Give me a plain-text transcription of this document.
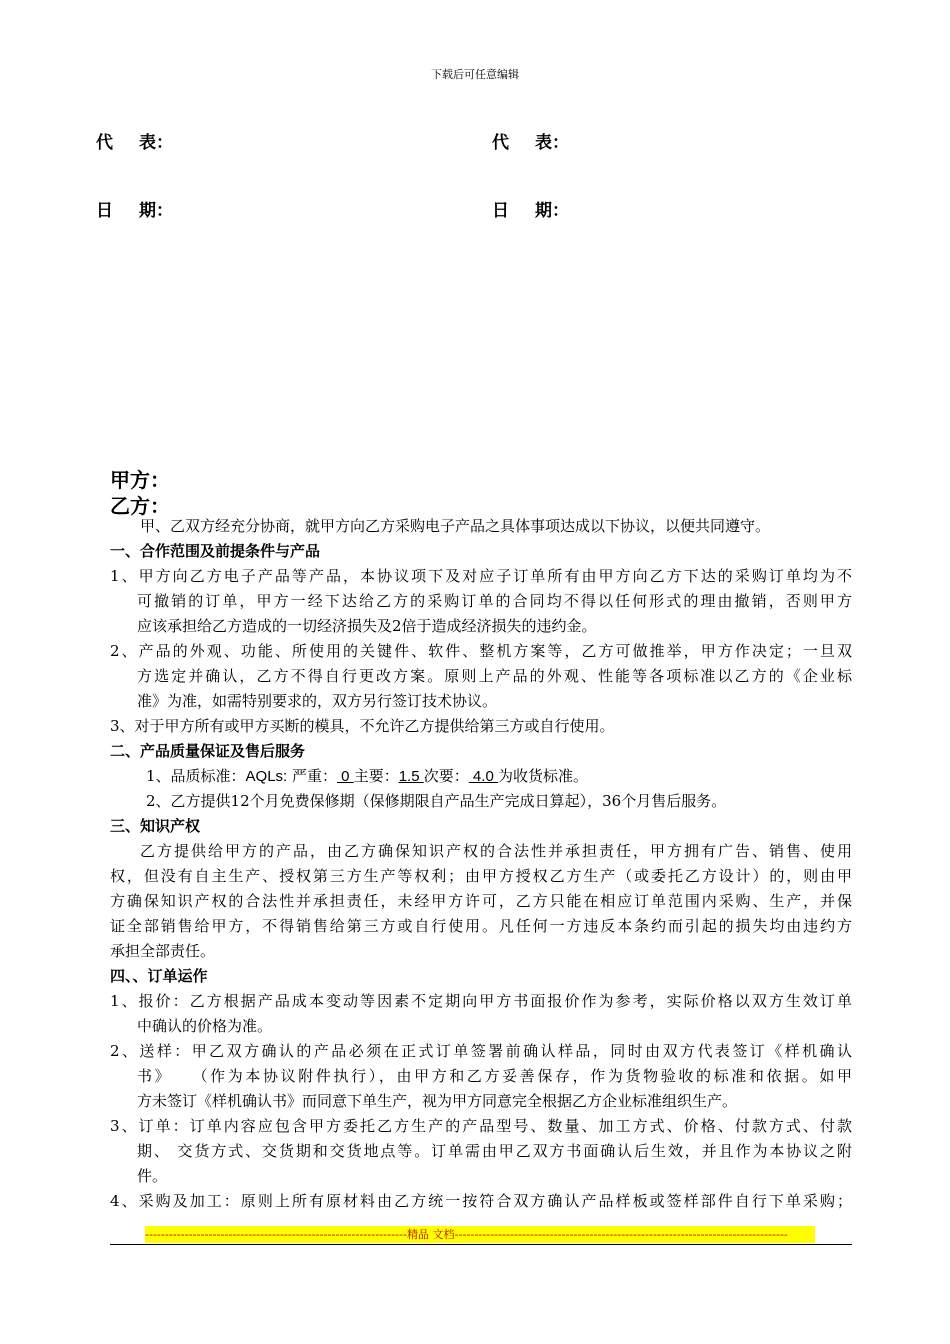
下载后可任意编辑
代 表：	代 表：
日 期：	日 期：
甲方：
乙方：
甲、乙双方经充分协商，就甲方向乙方采购电子产品之具体事项达成以下协议，以便共同遵守。
一、合作范围及前提条件与产品
1、甲方向乙方电子产品等产品，本协议项下及对应子订单所有由甲方向乙方下达的采购订单均为不
可撤销的订单，甲方一经下达给乙方的采购订单的合同均不得以任何形式的理由撤销，否则甲方
应该承担给乙方造成的一切经济损失及2倍于造成经济损失的违约金。
2、产品的外观、功能、所使用的关键件、软件、整机方案等，乙方可做推举，甲方作决定；一旦双
方选定并确认，乙方不得自行更改方案。原则上产品的外观、性能等各项标准以乙方的《企业标
准》为准，如需特别要求的，双方另行签订技术协议。
3、对于甲方所有或甲方买断的模具，不允许乙方提供给第三方或自行使用。
二、产品质量保证及售后服务
1、品质标准：AQLs: 严重： 0 主要：1.5 次要： 4.0 为收货标准。
2、乙方提供12个月免费保修期（保修期限自产品生产完成日算起），36个月售后服务。
三、知识产权
乙方提供给甲方的产品，由乙方确保知识产权的合法性并承担责任，甲方拥有广告、销售、使用
权，但没有自主生产、授权第三方生产等权利；由甲方授权乙方生产（或委托乙方设计）的，则由甲
方确保知识产权的合法性并承担责任，未经甲方许可，乙方只能在相应订单范围内采购、生产，并保
证全部销售给甲方，不得销售给第三方或自行使用。凡任何一方违反本条约而引起的损失均由违约方
承担全部责任。
四、、订单运作
1、报价：乙方根据产品成本变动等因素不定期向甲方书面报价作为参考，实际价格以双方生效订单
中确认的价格为准。
2、送样：甲乙双方确认的产品必须在正式订单签署前确认样品，同时由双方代表签订《样机确认
书》　　（作为本协议附件执行），由甲方和乙方妥善保存，作为货物验收的标准和依据。如甲
方未签订《样机确认书》而同意下单生产，视为甲方同意完全根据乙方企业标准组织生产。
3、订单：订单内容应包含甲方委托乙方生产的产品型号、数量、加工方式、价格、付款方式、付款
期、 交货方式、交货期和交货地点等。订单需由甲乙双方书面确认后生效，并且作为本协议之附
件。
4、采购及加工：原则上所有原材料由乙方统一按符合双方确认产品样板或签样部件自行下单采购；
------------------------------------------------------------------精品 文档------------------------------------------------------------------------------------
